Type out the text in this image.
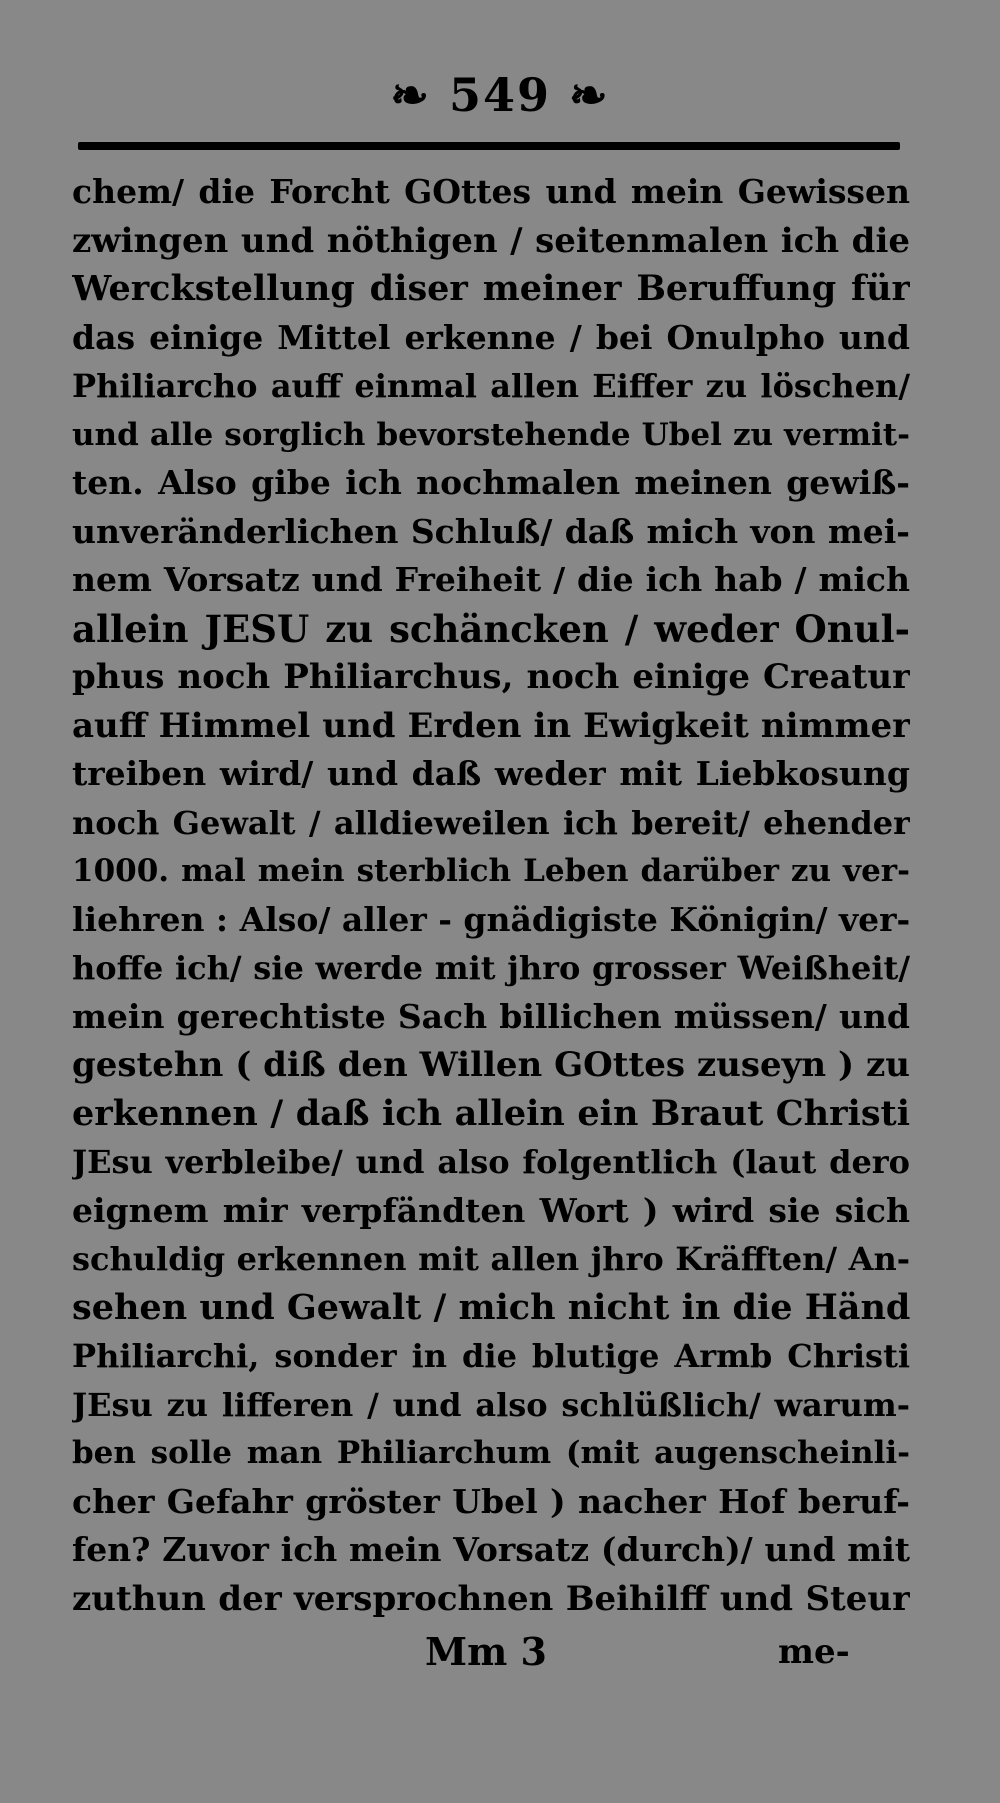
❧ 549 ❧
chem/ die Forcht GOttes und mein Gewissen
zwingen und nöthigen / seitenmalen ich die
Werckstellung diser meiner Beruffung für
das einige Mittel erkenne / bei Onulpho und
Philiarcho auff einmal allen Eiffer zu löschen/
und alle sorglich bevorstehende Ubel zu vermit-
ten. Also gibe ich nochmalen meinen gewiß-
unveränderlichen Schluß/ daß mich von mei-
nem Vorsatz und Freiheit / die ich hab / mich
allein JESU zu schäncken / weder Onul-
phus noch Philiarchus, noch einige Creatur
auff Himmel und Erden in Ewigkeit nimmer
treiben wird/ und daß weder mit Liebkosung
noch Gewalt / alldieweilen ich bereit/ ehender
1000. mal mein sterblich Leben darüber zu ver-
liehren : Also/ aller - gnädigiste Königin/ ver-
hoffe ich/ sie werde mit jhro grosser Weißheit/
mein gerechtiste Sach billichen müssen/ und
gestehn ( diß den Willen GOttes zuseyn ) zu
erkennen / daß ich allein ein Braut Christi
JEsu verbleibe/ und also folgentlich (laut dero
eignem mir verpfändten Wort ) wird sie sich
schuldig erkennen mit allen jhro Kräfften/ An-
sehen und Gewalt / mich nicht in die Händ
Philiarchi, sonder in die blutige Armb Christi
JEsu zu lifferen / und also schlüßlich/ warum-
ben solle man Philiarchum (mit augenscheinli-
cher Gefahr gröster Ubel ) nacher Hof beruf-
fen? Zuvor ich mein Vorsatz (durch)/ und mit
zuthun der versprochnen Beihilff und Steur
Mm 3	me-
